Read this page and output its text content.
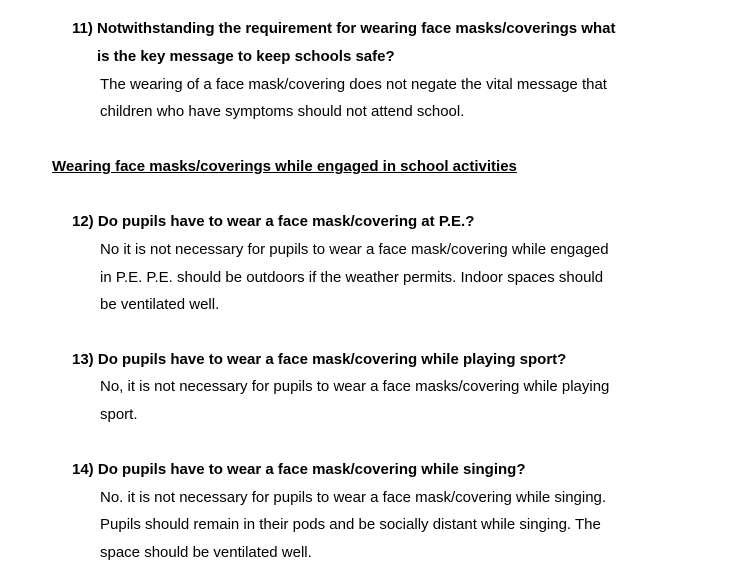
11) Notwithstanding the requirement for wearing face masks/coverings what
is the key message to keep schools safe?
The wearing of a face mask/covering does not negate the vital message that
children who have symptoms should not attend school.
Wearing face masks/coverings while engaged in school activities
12) Do pupils have to wear a face mask/covering at P.E.?
No it is not necessary for pupils to wear a face mask/covering while engaged
in P.E. P.E. should be outdoors if the weather permits. Indoor spaces should
be ventilated well.
13) Do pupils have to wear a face mask/covering while playing sport?
No, it is not necessary for pupils to wear a face masks/covering while playing
sport.
14) Do pupils have to wear a face mask/covering while singing?
No. it is not necessary for pupils to wear a face mask/covering while singing.
Pupils should remain in their pods and be socially distant while singing. The
space should be ventilated well.
